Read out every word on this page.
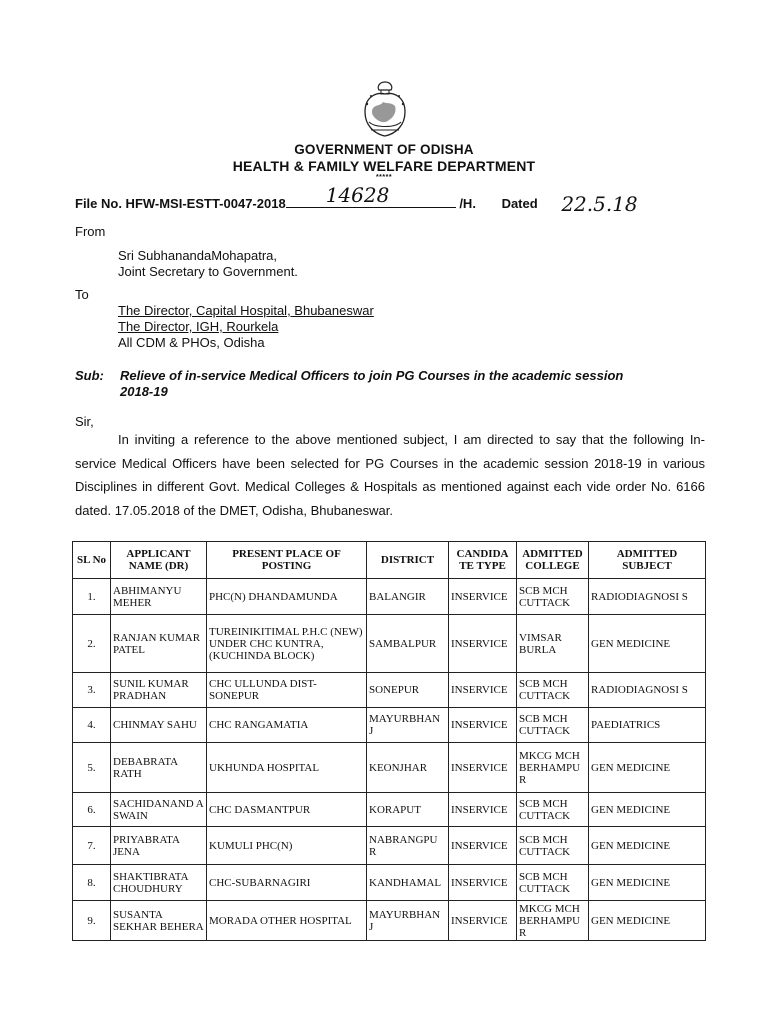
GOVERNMENT OF ODISHA
HEALTH & FAMILY WELFARE DEPARTMENT
*****
File No. HFW-MSI-ESTT-0047-2018 14628	/H. Dated 22.5.18
From
Sri SubhanandaMohapatra,
Joint Secretary to Government.
To
The Director, Capital Hospital, Bhubaneswar
The Director, IGH, Rourkela
All CDM & PHOs, Odisha
Sub: Relieve of in-service Medical Officers to join PG Courses in the academic session
2018-19
Sir,
In inviting a reference to the above mentioned subject, I am directed to say that the following In-service Medical Officers have been selected for PG Courses in the academic session 2018-19 in various Disciplines in different Govt. Medical Colleges & Hospitals as mentioned against each vide order No. 6166 dated. 17.05.2018 of the DMET, Odisha, Bhubaneswar.
SL No	APPLICANT NAME (DR)	PRESENT PLACE OF POSTING	DISTRICT	CANDIDA TE TYPE	ADMITTED COLLEGE	ADMITTED SUBJECT
1.	ABHIMANYU MEHER	PHC(N) DHANDAMUNDA	BALANGIR	INSERVICE	SCB MCH CUTTACK	RADIODIAGNOSI S
2.	RANJAN KUMAR PATEL	TUREINIKITIMAL P.H.C (NEW) UNDER CHC KUNTRA,(KUCHINDA BLOCK)	SAMBALPUR	INSERVICE	VIMSAR BURLA	GEN MEDICINE
3.	SUNIL KUMAR PRADHAN	CHC ULLUNDA DIST-SONEPUR	SONEPUR	INSERVICE	SCB MCH CUTTACK	RADIODIAGNOSI S
4.	CHINMAY SAHU	CHC RANGAMATIA	MAYURBHAN J	INSERVICE	SCB MCH CUTTACK	PAEDIATRICS
5.	DEBABRATA RATH	UKHUNDA HOSPITAL	KEONJHAR	INSERVICE	MKCG MCH BERHAMPU R	GEN MEDICINE
6.	SACHIDANAND A SWAIN	CHC DASMANTPUR	KORAPUT	INSERVICE	SCB MCH CUTTACK	GEN MEDICINE
7.	PRIYABRATA JENA	KUMULI PHC(N)	NABRANGPU R	INSERVICE	SCB MCH CUTTACK	GEN MEDICINE
8.	SHAKTIBRATA CHOUDHURY	CHC-SUBARNAGIRI	KANDHAMAL	INSERVICE	SCB MCH CUTTACK	GEN MEDICINE
9.	SUSANTA SEKHAR BEHERA	MORADA OTHER HOSPITAL	MAYURBHAN J	INSERVICE	MKCG MCH BERHAMPU R	GEN MEDICINE
